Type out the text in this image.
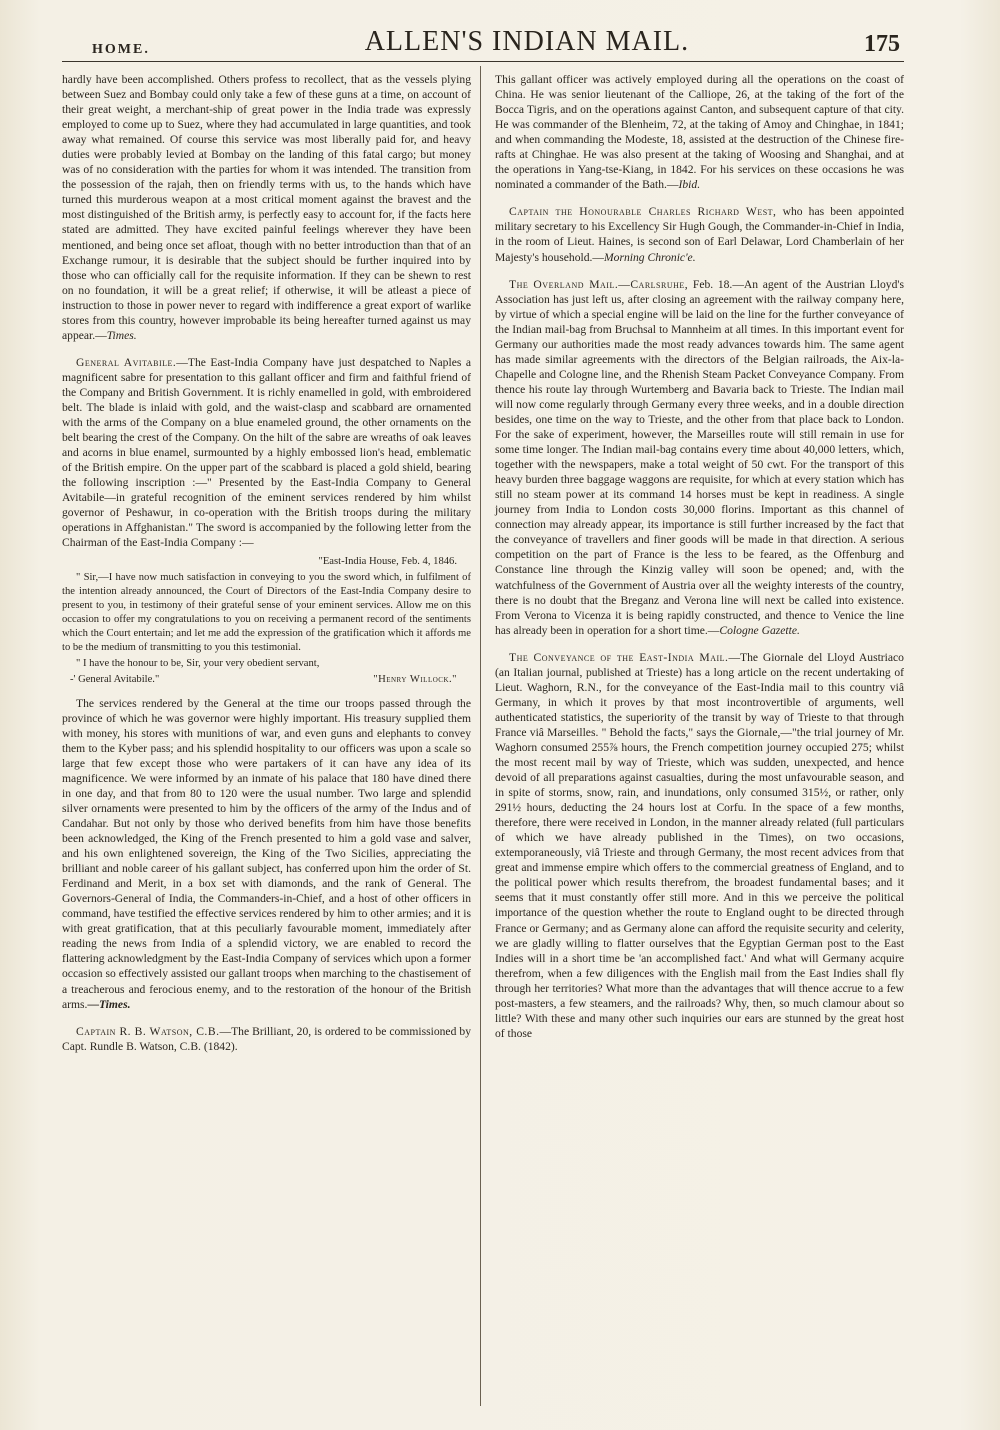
HOME.	ALLEN'S INDIAN MAIL.	175

hardly have been accomplished. Others profess to recollect, that as the vessels plying between Suez and Bombay could only take a few of these guns at a time, on account of their great weight, a merchant-ship of great power in the India trade was expressly employed to come up to Suez, where they had accumulated in large quantities, and took away what remained. Of course this service was most liberally paid for, and heavy duties were probably levied at Bombay on the landing of this fatal cargo; but money was of no consideration with the parties for whom it was intended. The transition from the possession of the rajah, then on friendly terms with us, to the hands which have turned this murderous weapon at a most critical moment against the bravest and the most distinguished of the British army, is perfectly easy to account for, if the facts here stated are admitted. They have excited painful feelings wherever they have been mentioned, and being once set afloat, though with no better introduction than that of an Exchange rumour, it is desirable that the subject should be further inquired into by those who can officially call for the requisite information. If they can be shewn to rest on no foundation, it will be a great relief; if otherwise, it will be atleast a piece of instruction to those in power never to regard with indifference a great export of warlike stores from this country, however improbable its being hereafter turned against us may appear.—Times.

General Avitabile.—The East-India Company have just despatched to Naples a magnificent sabre for presentation to this gallant officer and firm and faithful friend of the Company and British Government. It is richly enamelled in gold, with embroidered belt. The blade is inlaid with gold, and the waist-clasp and scabbard are ornamented with the arms of the Company on a blue enameled ground, the other ornaments on the belt bearing the crest of the Company. On the hilt of the sabre are wreaths of oak leaves and acorns in blue enamel, surmounted by a highly embossed lion's head, emblematic of the British empire. On the upper part of the scabbard is placed a gold shield, bearing the following inscription :—" Presented by the East-India Company to General Avitabile—in grateful recognition of the eminent services rendered by him whilst governor of Peshawur, in co-operation with the British troops during the military operations in Affghanistan." The sword is accompanied by the following letter from the Chairman of the East-India Company :—

"East-India House, Feb. 4, 1846.

" Sir,—I have now much satisfaction in conveying to you the sword which, in fulfilment of the intention already announced, the Court of Directors of the East-India Company desire to present to you, in testimony of their grateful sense of your eminent services. Allow me on this occasion to offer my congratulations to you on receiving a permanent record of the sentiments which the Court entertain; and let me add the expression of the gratification which it affords me to be the medium of transmitting to you this testimonial.

" I have the honour to be, Sir, your very obedient servant,

-' General Avitabile."	"Henry Willock."

The services rendered by the General at the time our troops passed through the province of which he was governor were highly important. His treasury supplied them with money, his stores with munitions of war, and even guns and elephants to convey them to the Kyber pass; and his splendid hospitality to our officers was upon a scale so large that few except those who were partakers of it can have any idea of its magnificence. We were informed by an inmate of his palace that 180 have dined there in one day, and that from 80 to 120 were the usual number. Two large and splendid silver ornaments were presented to him by the officers of the army of the Indus and of Candahar. But not only by those who derived benefits from him have those benefits been acknowledged, the King of the French presented to him a gold vase and salver, and his own enlightened sovereign, the King of the Two Sicilies, appreciating the brilliant and noble career of his gallant subject, has conferred upon him the order of St. Ferdinand and Merit, in a box set with diamonds, and the rank of General. The Governors-General of India, the Commanders-in-Chief, and a host of other officers in command, have testified the effective services rendered by him to other armies; and it is with great gratification, that at this peculiarly favourable moment, immediately after reading the news from India of a splendid victory, we are enabled to record the flattering acknowledgment by the East-India Company of services which upon a former occasion so effectively assisted our gallant troops when marching to the chastisement of a treacherous and ferocious enemy, and to the restoration of the honour of the British arms.—Times.

Captain R. B. Watson, C.B.—The Brilliant, 20, is ordered to be commissioned by Capt. Rundle B. Watson, C.B. (1842).

This gallant officer was actively employed during all the operations on the coast of China. He was senior lieutenant of the Calliope, 26, at the taking of the fort of the Bocca Tigris, and on the operations against Canton, and subsequent capture of that city. He was commander of the Blenheim, 72, at the taking of Amoy and Chinghae, in 1841; and when commanding the Modeste, 18, assisted at the destruction of the Chinese fire-rafts at Chinghae. He was also present at the taking of Woosing and Shanghai, and at the operations in Yang-tse-Kiang, in 1842. For his services on these occasions he was nominated a commander of the Bath.—Ibid.

Captain the Honourable Charles Richard West, who has been appointed military secretary to his Excellency Sir Hugh Gough, the Commander-in-Chief in India, in the room of Lieut. Haines, is second son of Earl Delawar, Lord Chamberlain of her Majesty's household.—Morning Chronic'e.

The Overland Mail.—Carlsruhe, Feb. 18.—An agent of the Austrian Lloyd's Association has just left us, after closing an agreement with the railway company here, by virtue of which a special engine will be laid on the line for the further conveyance of the Indian mail-bag from Bruchsal to Mannheim at all times. In this important event for Germany our authorities made the most ready advances towards him. The same agent has made similar agreements with the directors of the Belgian railroads, the Aix-la-Chapelle and Cologne line, and the Rhenish Steam Packet Conveyance Company. From thence his route lay through Wurtemberg and Bavaria back to Trieste. The Indian mail will now come regularly through Germany every three weeks, and in a double direction besides, one time on the way to Trieste, and the other from that place back to London. For the sake of experiment, however, the Marseilles route will still remain in use for some time longer. The Indian mail-bag contains every time about 40,000 letters, which, together with the newspapers, make a total weight of 50 cwt. For the transport of this heavy burden three baggage waggons are requisite, for which at every station which has still no steam power at its command 14 horses must be kept in readiness. A single journey from India to London costs 30,000 florins. Important as this channel of connection may already appear, its importance is still further increased by the fact that the conveyance of travellers and finer goods will be made in that direction. A serious competition on the part of France is the less to be feared, as the Offenburg and Constance line through the Kinzig valley will soon be opened; and, with the watchfulness of the Government of Austria over all the weighty interests of the country, there is no doubt that the Breganz and Verona line will next be called into existence. From Verona to Vicenza it is being rapidly constructed, and thence to Venice the line has already been in operation for a short time.—Cologne Gazette.

The Conveyance of the East-India Mail.—The Giornale del Lloyd Austriaco (an Italian journal, published at Trieste) has a long article on the recent undertaking of Lieut. Waghorn, R.N., for the conveyance of the East-India mail to this country viâ Germany, in which it proves by that most incontrovertible of arguments, well authenticated statistics, the superiority of the transit by way of Trieste to that through France viâ Marseilles. " Behold the facts," says the Giornale,—"the trial journey of Mr. Waghorn consumed 255⅞ hours, the French competition journey occupied 275; whilst the most recent mail by way of Trieste, which was sudden, unexpected, and hence devoid of all preparations against casualties, during the most unfavourable season, and in spite of storms, snow, rain, and inundations, only consumed 315½, or rather, only 291½ hours, deducting the 24 hours lost at Corfu. In the space of a few months, therefore, there were received in London, in the manner already related (full particulars of which we have already published in the Times), on two occasions, extemporaneously, viâ Trieste and through Germany, the most recent advices from that great and immense empire which offers to the commercial greatness of England, and to the political power which results therefrom, the broadest fundamental bases; and it seems that it must constantly offer still more. And in this we perceive the political importance of the question whether the route to England ought to be directed through France or Germany; and as Germany alone can afford the requisite security and celerity, we are gladly willing to flatter ourselves that the Egyptian German post to the East Indies will in a short time be 'an accomplished fact.' And what will Germany acquire therefrom, when a few diligences with the English mail from the East Indies shall fly through her territories? What more than the advantages that will thence accrue to a few post-masters, a few steamers, and the railroads? Why, then, so much clamour about so little? With these and many other such inquiries our ears are stunned by the great host of those
